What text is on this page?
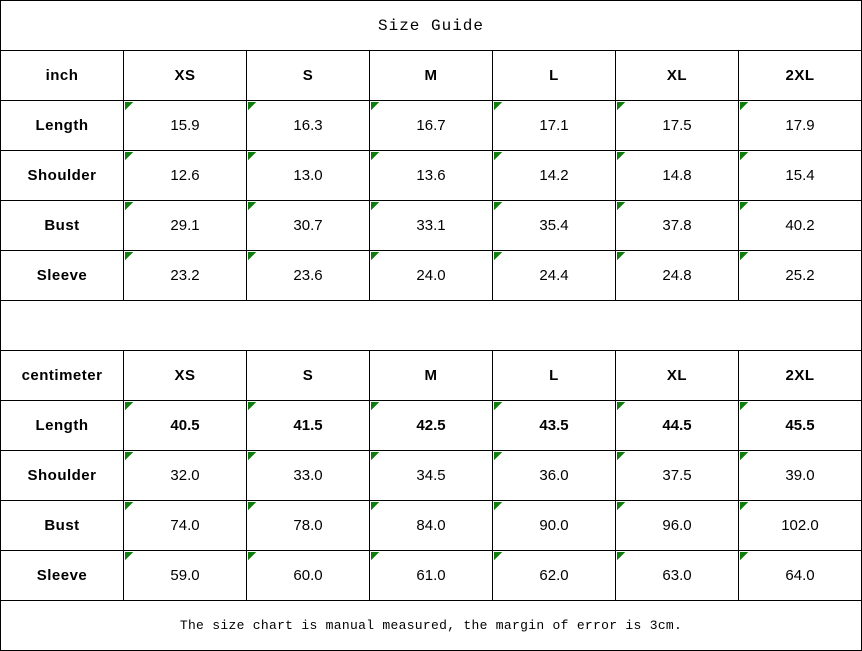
Size Guide						
inch	XS	S	M	L	XL	2XL
Length	15.9	16.3	16.7	17.1	17.5	17.9
Shoulder	12.6	13.0	13.6	14.2	14.8	15.4
Bust	29.1	30.7	33.1	35.4	37.8	40.2
Sleeve	23.2	23.6	24.0	24.4	24.8	25.2

centimeter	XS	S	M	L	XL	2XL
Length	40.5	41.5	42.5	43.5	44.5	45.5
Shoulder	32.0	33.0	34.5	36.0	37.5	39.0
Bust	74.0	78.0	84.0	90.0	96.0	102.0
Sleeve	59.0	60.0	61.0	62.0	63.0	64.0
The size chart is manual measured, the margin of error is 3cm.						
